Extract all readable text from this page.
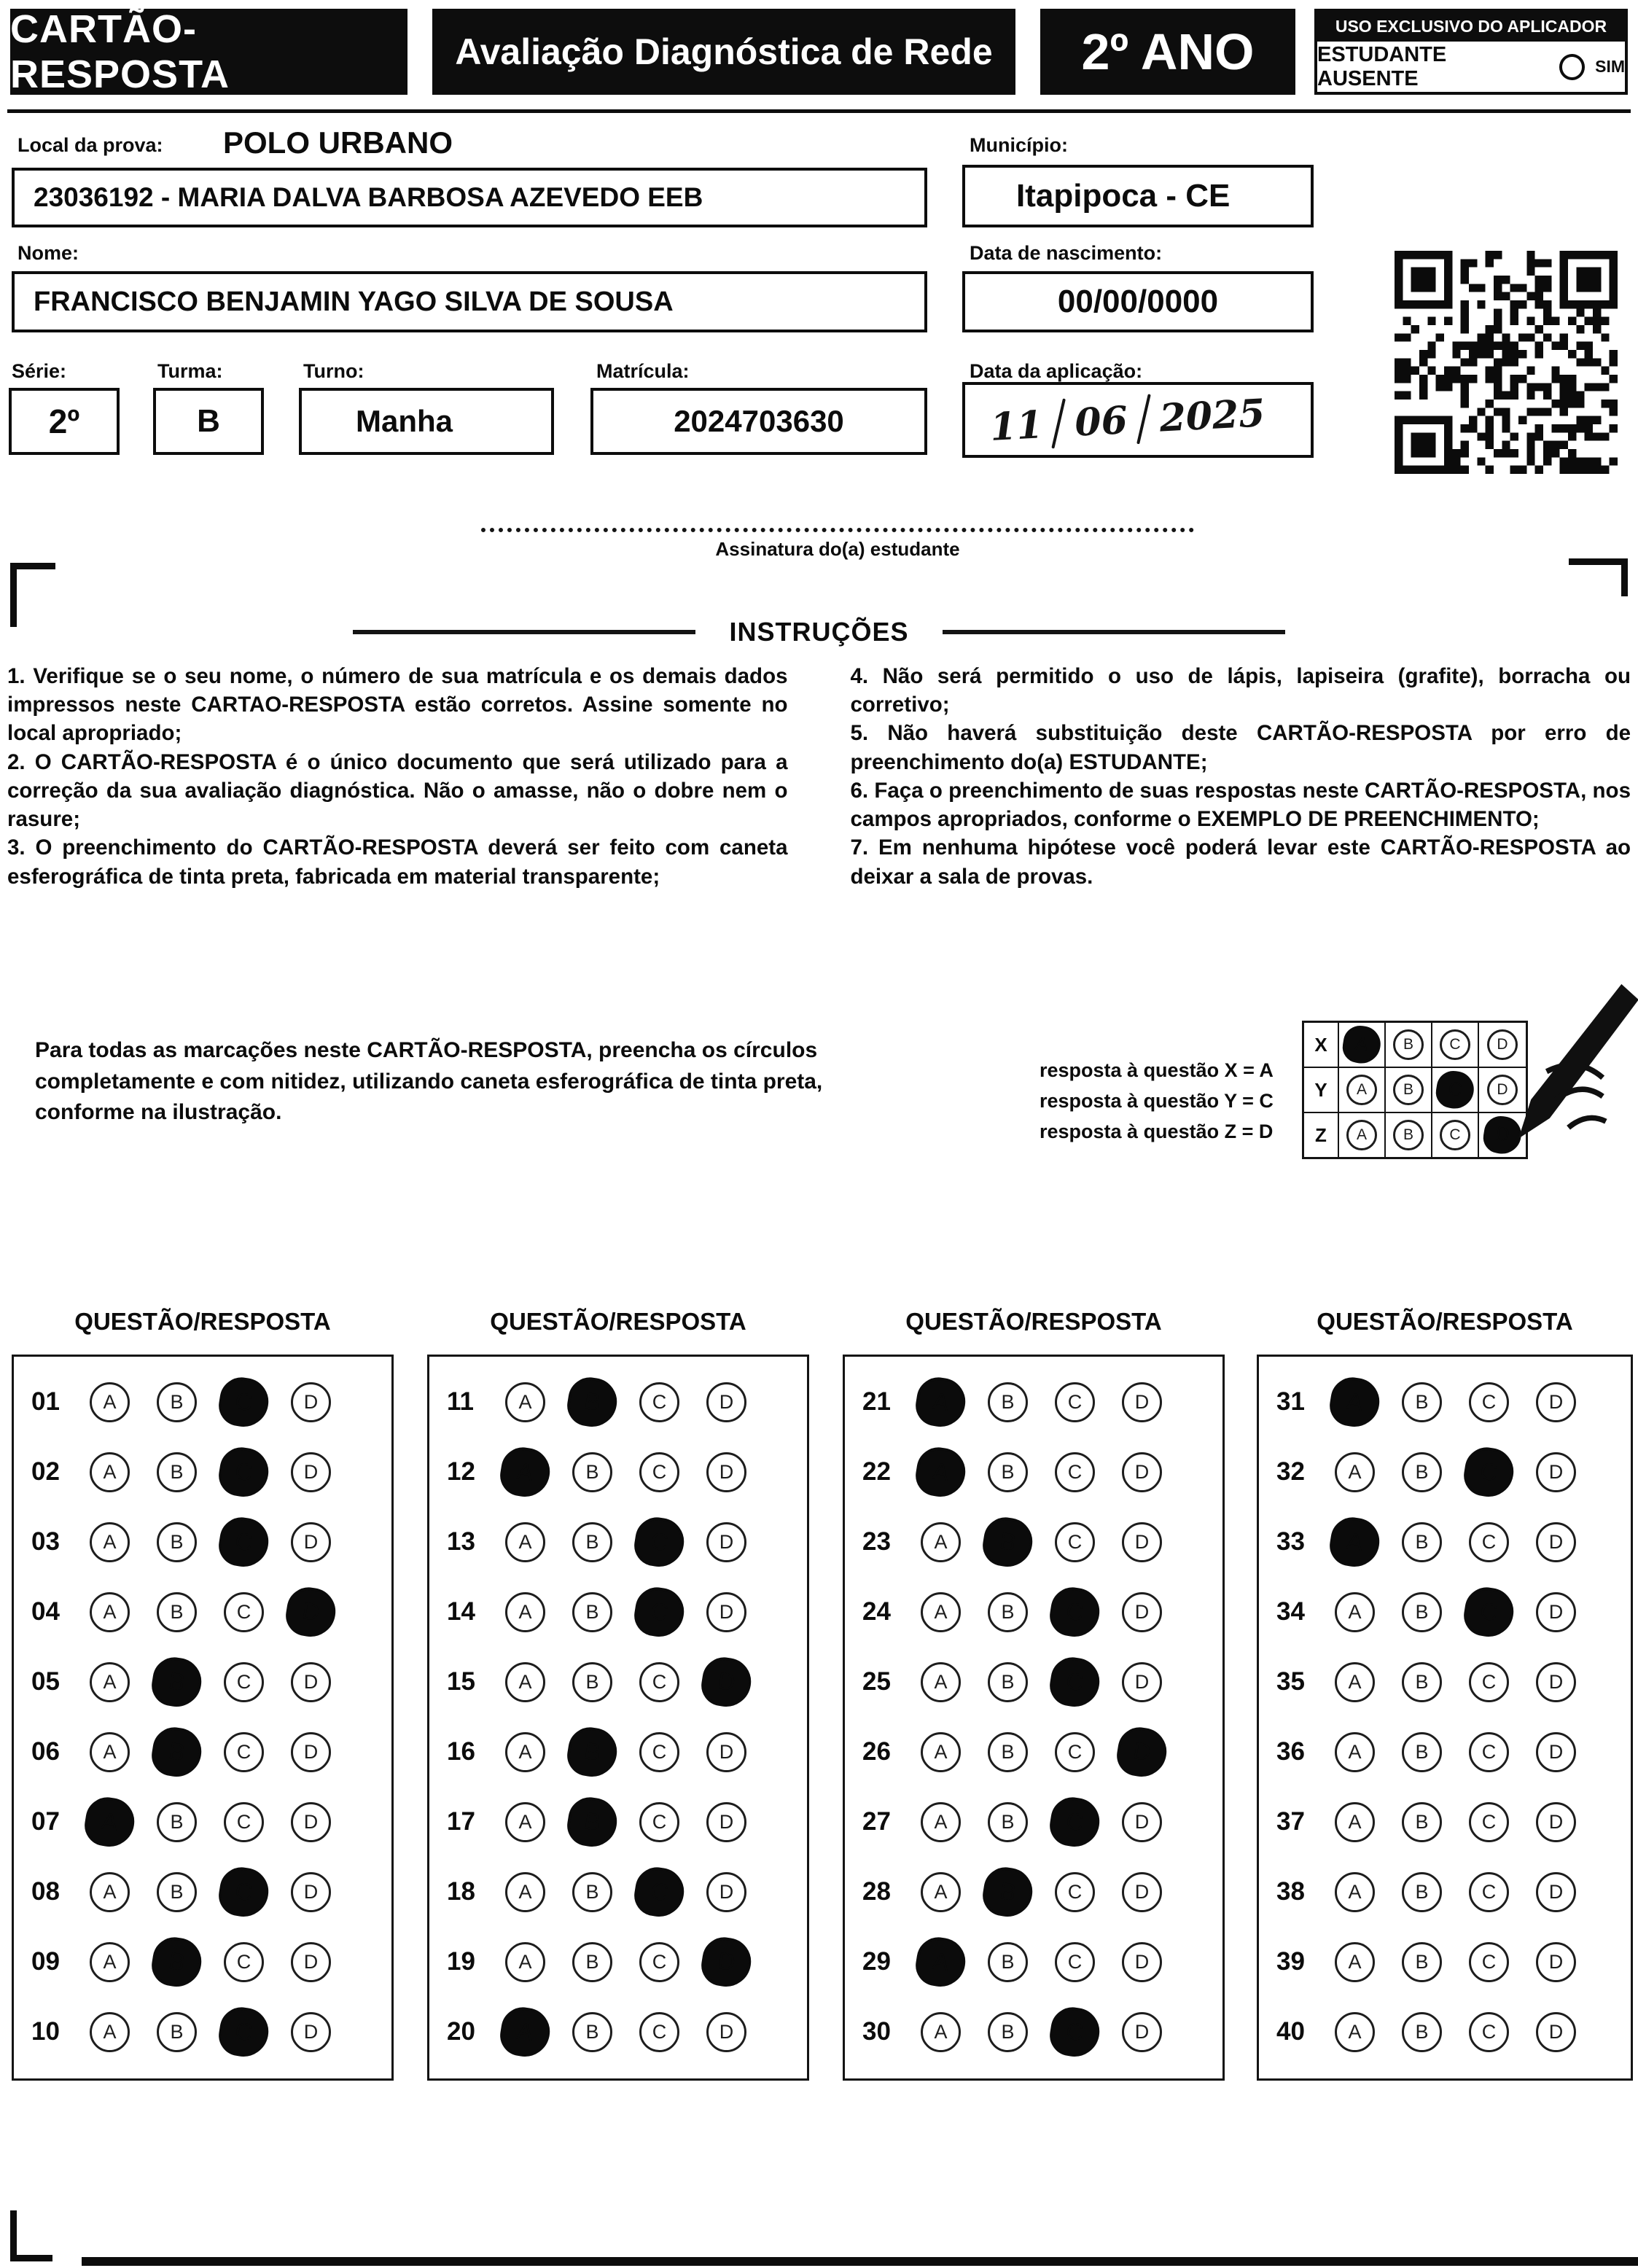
CARTÃO-RESPOSTA
Avaliação Diagnóstica de Rede	2º ANO	USO EXCLUSIVO DO APLICADOR
ESTUDANTE AUSENTE
SIM
Local da prova: POLO URBANO
23036192 - MARIA DALVA BARBOSA AZEVEDO EEB
Município:
Itapipoca - CE
Nome:
FRANCISCO BENJAMIN YAGO SILVA DE SOUSA
Data de nascimento:
00/00/0000
Série:
2º
Turma:
B
Turno:
Manha
Matrícula:
2024703630
Data da aplicação:
11 06 2025
Assinatura do(a) estudante
INSTRUÇÕES

1. Verifique se o seu nome, o número de sua matrícula e os demais dados impressos neste CARTAO-RESPOSTA estão corretos. Assine somente no local apropriado;

2. O CARTÃO-RESPOSTA é o único documento que será utilizado para a correção da sua avaliação diagnóstica. Não o amasse, não o dobre nem o rasure;

3. O preenchimento do CARTÃO-RESPOSTA deverá ser feito com caneta esferográfica de tinta preta, fabricada em material transparente;

4. Não será permitido o uso de lápis, lapiseira (grafite), borracha ou corretivo;

5. Não haverá substituição deste CARTÃO-RESPOSTA por erro de preenchimento do(a) ESTUDANTE;

6. Faça o preenchimento de suas respostas neste CARTÃO-RESPOSTA, nos campos apropriados, conforme o EXEMPLO DE PREENCHIMENTO;

7. Em nenhuma hipótese você poderá levar este CARTÃO-RESPOSTA ao deixar a sala de provas.

Para todas as marcações neste CARTÃO-RESPOSTA, preencha os círculos completamente e com nitidez, utilizando caneta esferográfica de tinta preta, conforme na ilustração.
resposta à questão X = A
resposta à questão Y = C
resposta à questão Z = D
X	A	B	C	D
Y	A	B	C	D
Z	A	B	C	D
QUESTÃO/RESPOSTA	QUESTÃO/RESPOSTA	QUESTÃO/RESPOSTA	QUESTÃO/RESPOSTA
01	A	B	C	D
02	A	B	C	D
03	A	B	C	D
04	A	B	C	D
05	A	B	C	D
06	A	B	C	D
07	A	B	C	D
08	A	B	C	D
09	A	B	C	D
10	A	B	C	D
11	A	B	C	D
12	A	B	C	D
13	A	B	C	D
14	A	B	C	D
15	A	B	C	D
16	A	B	C	D
17	A	B	C	D
18	A	B	C	D
19	A	B	C	D
20	A	B	C	D
21	A	B	C	D
22	A	B	C	D
23	A	B	C	D
24	A	B	C	D
25	A	B	C	D
26	A	B	C	D
27	A	B	C	D
28	A	B	C	D
29	A	B	C	D
30	A	B	C	D
31	A	B	C	D
32	A	B	C	D
33	A	B	C	D
34	A	B	C	D
35	A	B	C	D
36	A	B	C	D
37	A	B	C	D
38	A	B	C	D
39	A	B	C	D
40	A	B	C	D
